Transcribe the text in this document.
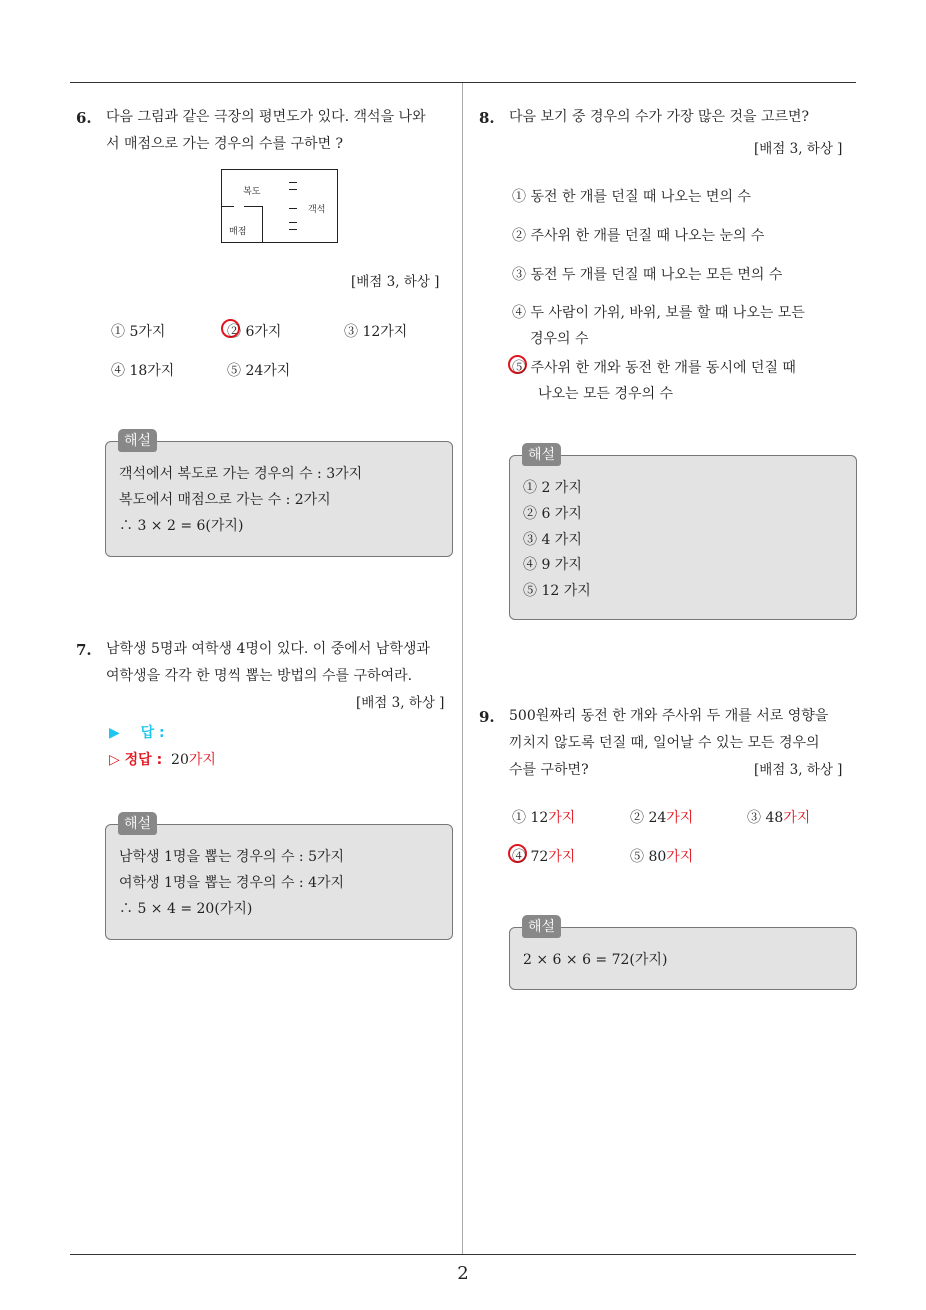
6. 다음 그림과 같은 극장의 평면도가 있다. 객석을 나와
서 매점으로 가는 경우의 수를 구하면 ?
복도
객석
매점
[배점 3, 하상 ]
① 5가지	② 6가지	③ 12가지
④ 18가지	⑤ 24가지
객석에서 복도로 가는 경우의 수 : 3가지
복도에서 매점으로 가는 수 : 2가지
∴ 3 × 2 = 6(가지)
해설
7. 남학생 5명과 여학생 4명이 있다. 이 중에서 남학생과
여학생을 각각 한 명씩 뽑는 방법의 수를 구하여라.
[배점 3, 하상 ]
▶ 답 :
▷ 정답 : 20가지
남학생 1명을 뽑는 경우의 수 : 5가지
여학생 1명을 뽑는 경우의 수 : 4가지
∴ 5 × 4 = 20(가지)
해설
8. 다음 보기 중 경우의 수가 가장 많은 것을 고르면?
[배점 3, 하상 ]
① 동전 한 개를 던질 때 나오는 면의 수
② 주사위 한 개를 던질 때 나오는 눈의 수
③ 동전 두 개를 던질 때 나오는 모든 면의 수
④ 두 사람이 가위, 바위, 보를 할 때 나오는 모든
경우의 수
⑤ 주사위 한 개와 동전 한 개를 동시에 던질 때
나오는 모든 경우의 수
① 2 가지
② 6 가지
③ 4 가지
④ 9 가지
⑤ 12 가지
해설
9. 500원짜리 동전 한 개와 주사위 두 개를 서로 영향을
끼치지 않도록 던질 때, 일어날 수 있는 모든 경우의
수를 구하면?	[배점 3, 하상 ]
① 12가지	② 24가지	③ 48가지
④ 72가지	⑤ 80가지
2 × 6 × 6 = 72(가지)
해설
2
